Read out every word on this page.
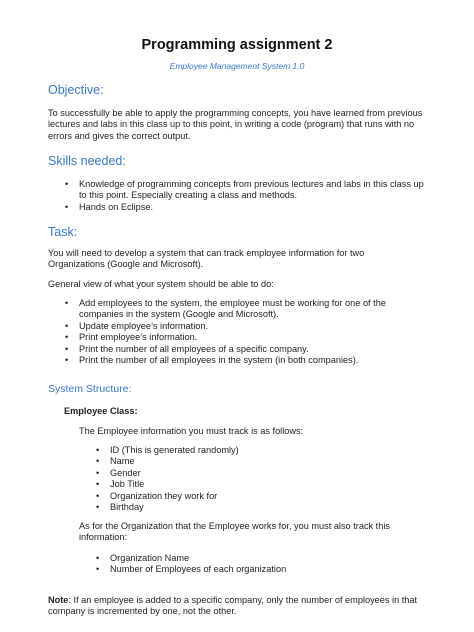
Programming assignment 2
Employee Management System 1.0
Objective:
To successfully be able to apply the programming concepts, you have learned from previous lectures and labs in this class up to this point, in writing a code (program) that runs with no errors and gives the correct output.
Skills needed:
• Knowledge of programming concepts from previous lectures and labs in this class up to this point. Especially creating a class and methods.
• Hands on Eclipse.
Task:
You will need to develop a system that can track employee information for two Organizations (Google and Microsoft).
General view of what your system should be able to do:
• Add employees to the system, the employee must be working for one of the companies in the system (Google and Microsoft).
• Update employee’s information.
• Print employee’s information.
• Print the number of all employees of a specific company.
• Print the number of all employees in the system (in both companies).
System Structure:
Employee Class:
The Employee information you must track is as follows:
• ID (This is generated randomly)
• Name
• Gender
• Job Title
• Organization they work for
• Birthday
As for the Organization that the Employee works for, you must also track this information:
• Organization Name
• Number of Employees of each organization
Note: If an employee is added to a specific company, only the number of employees in that company is incremented by one, not the other.
